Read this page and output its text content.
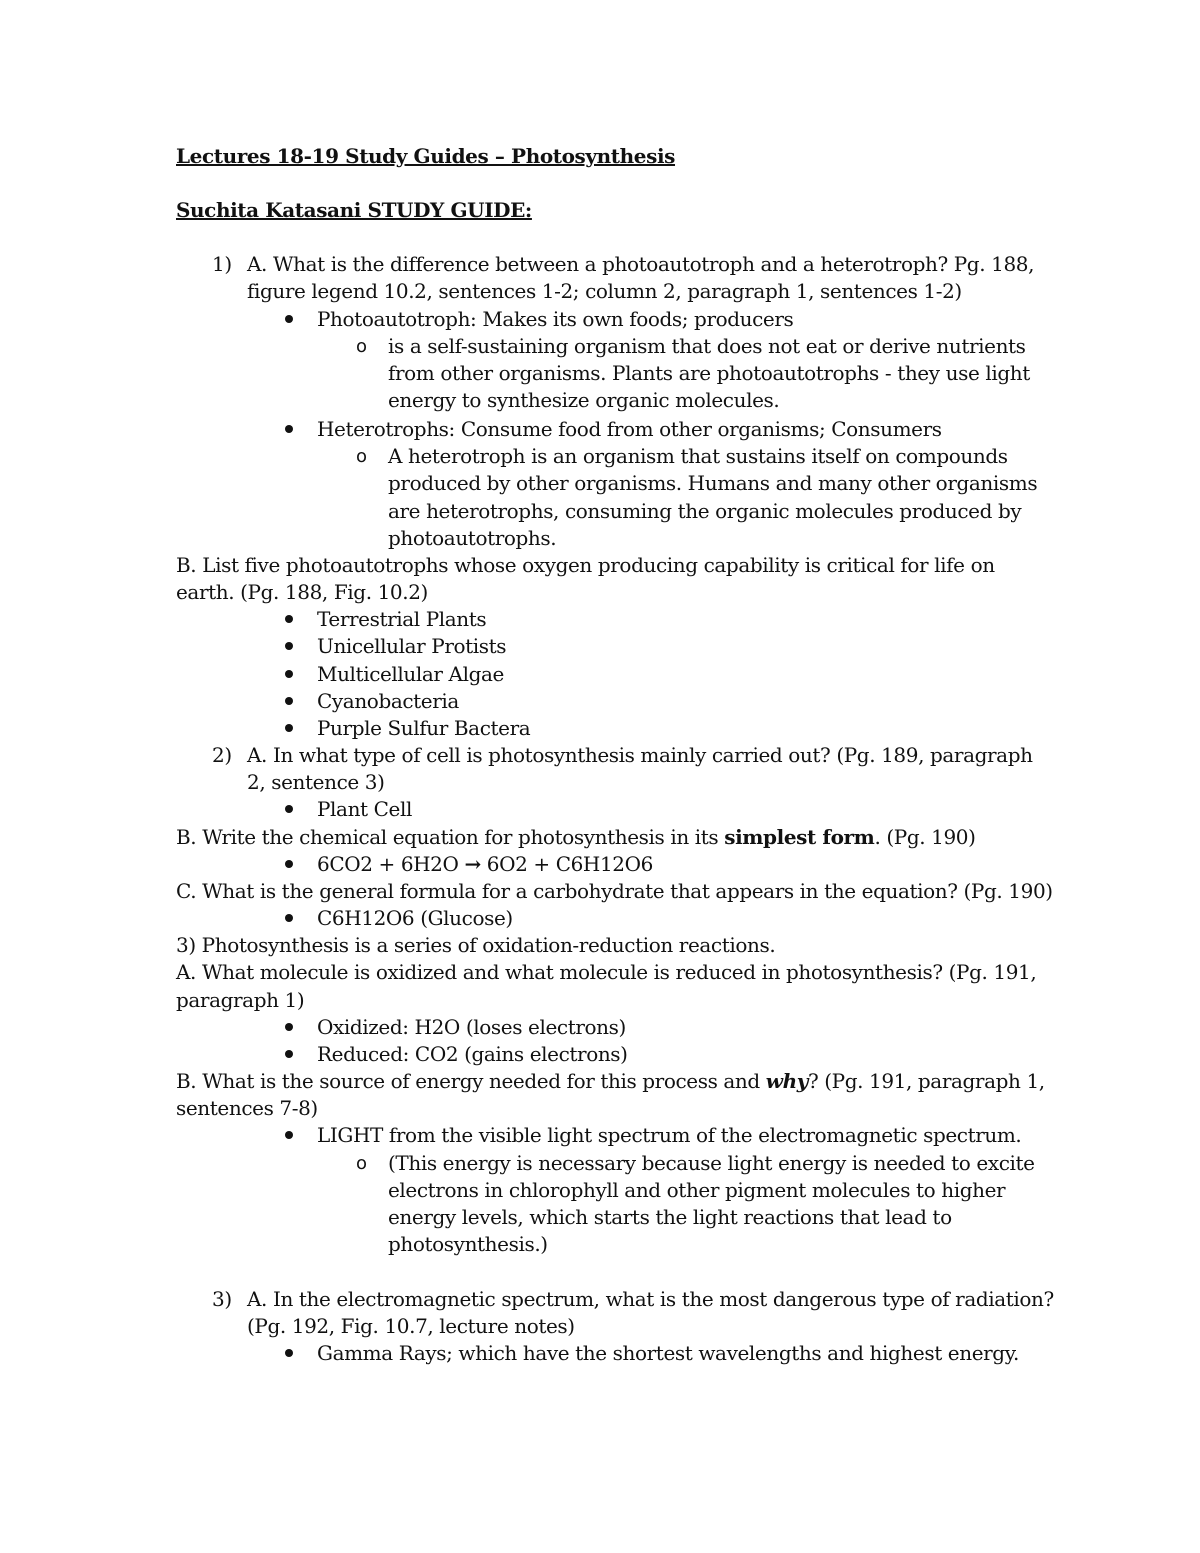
Lectures 18-19 Study Guides – Photosynthesis
Suchita Katasani STUDY GUIDE:
1) A. What is the difference between a photoautotroph and a heterotroph? Pg. 188,
figure legend 10.2, sentences 1-2; column 2, paragraph 1, sentences 1-2)
Photoautotroph: Makes its own foods; producers
o is a self-sustaining organism that does not eat or derive nutrients
from other organisms. Plants are photoautotrophs - they use light
energy to synthesize organic molecules.
Heterotrophs: Consume food from other organisms; Consumers
o A heterotroph is an organism that sustains itself on compounds
produced by other organisms. Humans and many other organisms
are heterotrophs, consuming the organic molecules produced by
photoautotrophs.
B. List five photoautotrophs whose oxygen producing capability is critical for life on
earth. (Pg. 188, Fig. 10.2)
Terrestrial Plants
Unicellular Protists
Multicellular Algae
Cyanobacteria
Purple Sulfur Bactera
2) A. In what type of cell is photosynthesis mainly carried out? (Pg. 189, paragraph
2, sentence 3)
Plant Cell
B. Write the chemical equation for photosynthesis in its simplest form. (Pg. 190)
6CO2 + 6H2O → 6O2 + C6H12O6
C. What is the general formula for a carbohydrate that appears in the equation? (Pg. 190)
C6H12O6 (Glucose)
3) Photosynthesis is a series of oxidation-reduction reactions.
A. What molecule is oxidized and what molecule is reduced in photosynthesis? (Pg. 191,
paragraph 1)
Oxidized: H2O (loses electrons)
Reduced: CO2 (gains electrons)
B. What is the source of energy needed for this process and why? (Pg. 191, paragraph 1,
sentences 7-8)
LIGHT from the visible light spectrum of the electromagnetic spectrum.
o (This energy is necessary because light energy is needed to excite
electrons in chlorophyll and other pigment molecules to higher
energy levels, which starts the light reactions that lead to
photosynthesis.)
3) A. In the electromagnetic spectrum, what is the most dangerous type of radiation?
(Pg. 192, Fig. 10.7, lecture notes)
Gamma Rays; which have the shortest wavelengths and highest energy.
